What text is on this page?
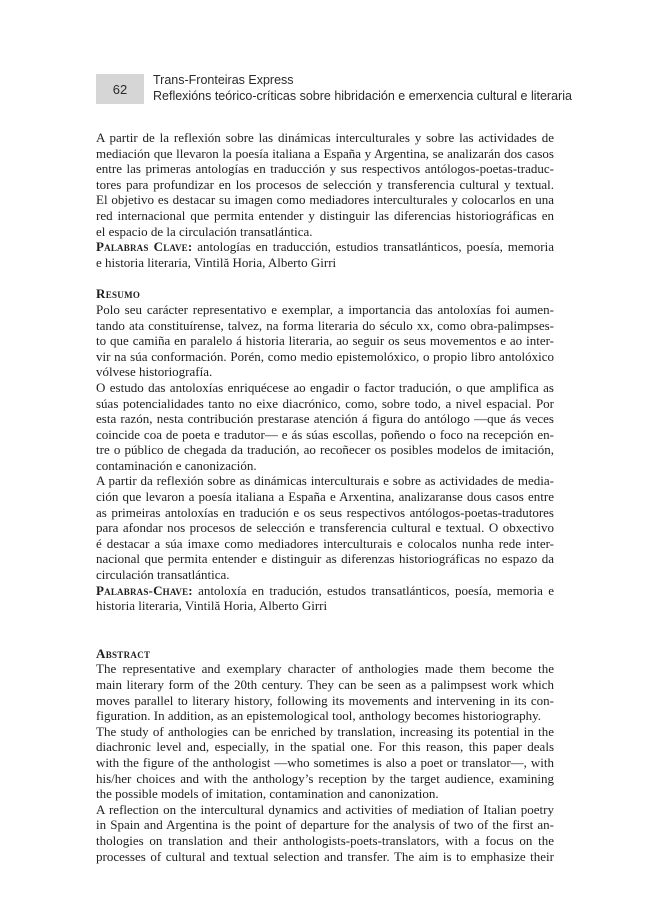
62
Trans-Fronteiras Express
Reflexións teórico-críticas sobre hibridación e emerxencia cultural e literaria
A partir de la reflexión sobre las dinámicas interculturales y sobre las actividades de
mediación que llevaron la poesía italiana a España y Argentina, se analizarán dos casos
entre las primeras antologías en traducción y sus respectivos antólogos-poetas-traduc-
tores para profundizar en los procesos de selección y transferencia cultural y textual.
El objetivo es destacar su imagen como mediadores interculturales y colocarlos en una
red internacional que permita entender y distinguir las diferencias historiográficas en
el espacio de la circulación transatlántica.
Palabras Clave: antologías en traducción, estudios transatlánticos, poesía, memoria
e historia literaria, Vintilă Horia, Alberto Girri
Resumo
Polo seu carácter representativo e exemplar, a importancia das antoloxías foi aumen-
tando ata constituírense, talvez, na forma literaria do século xx, como obra-palimpses-
to que camiña en paralelo á historia literaria, ao seguir os seus movementos e ao inter-
vir na súa conformación. Porén, como medio epistemolóxico, o propio libro antolóxico
vólvese historiografía.
O estudo das antoloxías enriquécese ao engadir o factor tradución, o que amplifica as
súas potencialidades tanto no eixe diacrónico, como, sobre todo, a nivel espacial. Por
esta razón, nesta contribución prestarase atención á figura do antólogo —que ás veces
coincide coa de poeta e tradutor— e ás súas escollas, poñendo o foco na recepción en-
tre o público de chegada da tradución, ao recoñecer os posibles modelos de imitación,
contaminación e canonización.
A partir da reflexión sobre as dinámicas interculturais e sobre as actividades de media-
ción que levaron a poesía italiana a España e Arxentina, analizaranse dous casos entre
as primeiras antoloxías en tradución e os seus respectivos antólogos-poetas-tradutores
para afondar nos procesos de selección e transferencia cultural e textual. O obxectivo
é destacar a súa imaxe como mediadores interculturais e colocalos nunha rede inter-
nacional que permita entender e distinguir as diferenzas historiográficas no espazo da
circulación transatlántica.
Palabras-Chave: antoloxía en tradución, estudos transatlánticos, poesía, memoria e
historia literaria, Vintilă Horia, Alberto Girri
Abstract
The representative and exemplary character of anthologies made them become the
main literary form of the 20th century. They can be seen as a palimpsest work which
moves parallel to literary history, following its movements and intervening in its con-
figuration. In addition, as an epistemological tool, anthology becomes historiography.
The study of anthologies can be enriched by translation, increasing its potential in the
diachronic level and, especially, in the spatial one. For this reason, this paper deals
with the figure of the anthologist —who sometimes is also a poet or translator—, with
his/her choices and with the anthology’s reception by the target audience, examining
the possible models of imitation, contamination and canonization.
A reflection on the intercultural dynamics and activities of mediation of Italian poetry
in Spain and Argentina is the point of departure for the analysis of two of the first an-
thologies on translation and their anthologists-poets-translators, with a focus on the
processes of cultural and textual selection and transfer. The aim is to emphasize their
